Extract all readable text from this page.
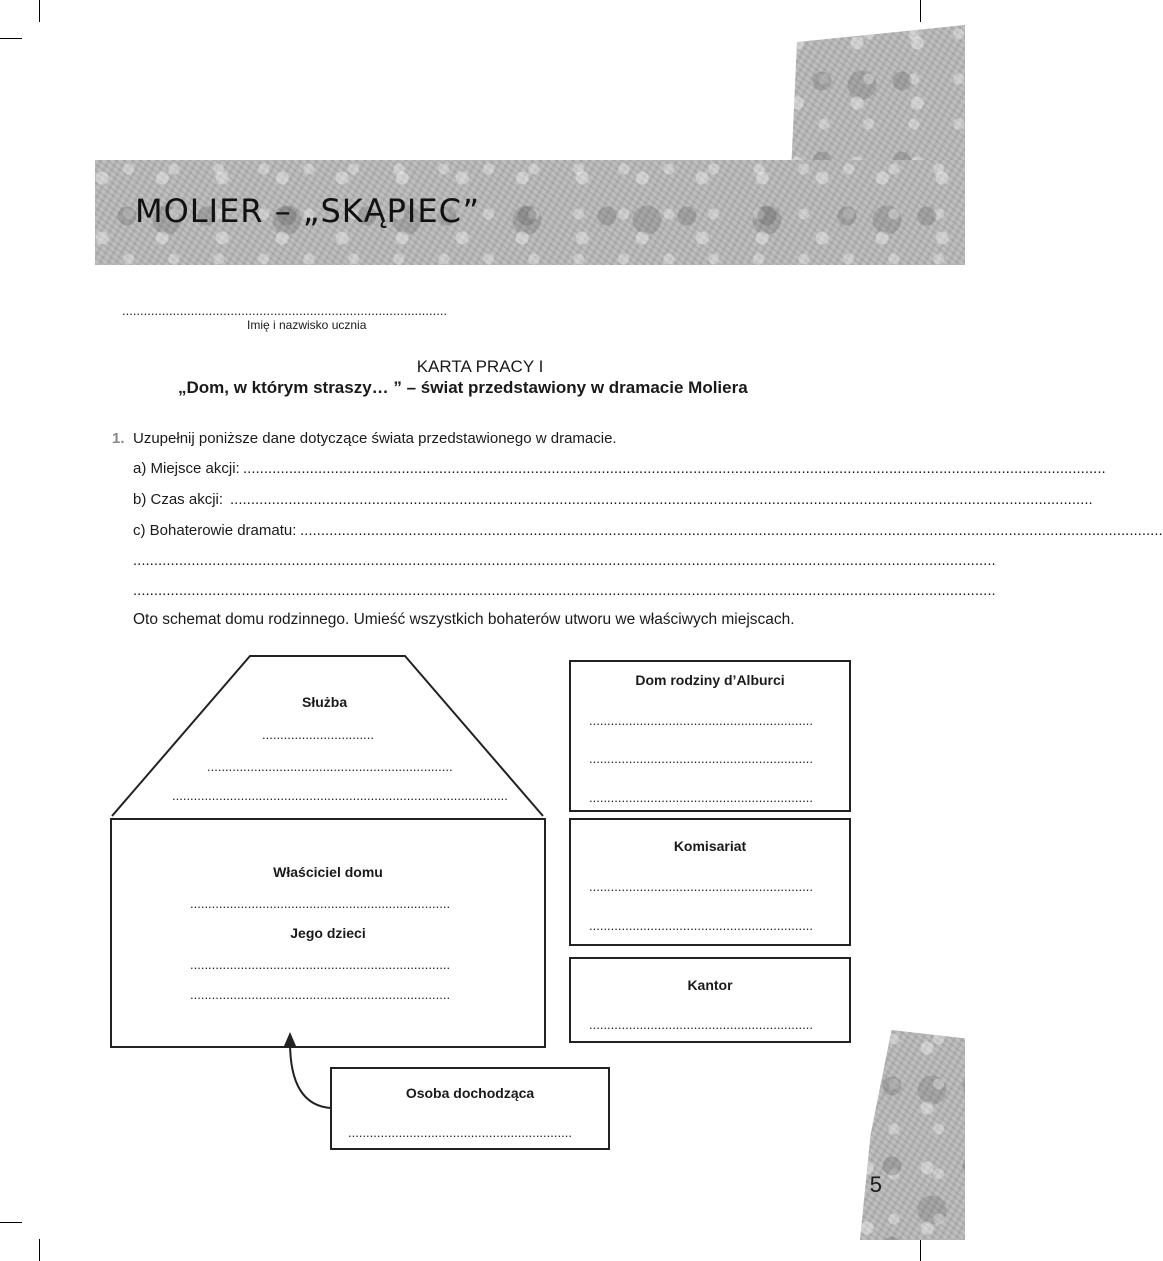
MOLIER – „SKĄPIEC”
..........................................................................................
Imię i nazwisko ucznia
KARTA PRACY I
„Dom, w którym straszy… ” – świat przedstawiony w dramacie Moliera
1. Uzupełnij poniższe dane dotyczące świata przedstawionego w dramacie.
a) Miejsce akcji: ...............................................................................................................................................................................................................
b) Czas akcji: ...............................................................................................................................................................................................................
c) Bohaterowie dramatu: ...............................................................................................................................................................................................................
...............................................................................................................................................................................................................
...............................................................................................................................................................................................................
Oto schemat domu rodzinnego. Umieść wszystkich bohaterów utworu we właściwych miejscach.
Służba
...............................
....................................................................
.............................................................................................
Właściciel domu
........................................................................
Jego dzieci
........................................................................
........................................................................
Osoba dochodząca
..............................................................
Dom rodziny d’Alburci
..............................................................
..............................................................
..............................................................
Komisariat
..............................................................
..............................................................
Kantor
..............................................................
5
